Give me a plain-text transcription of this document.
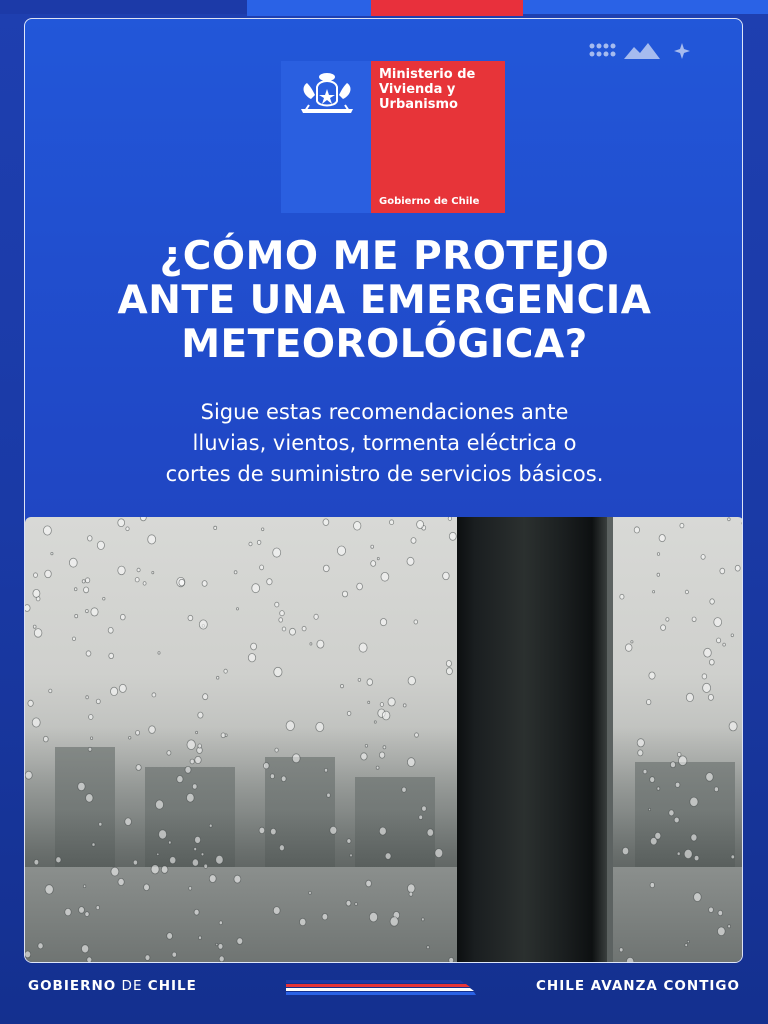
Ministerio de
Vivienda y
Urbanismo
Gobierno de Chile
¿CÓMO ME PROTEJO
ANTE UNA EMERGENCIA
METEOROLÓGICA?
Sigue estas recomendaciones ante
lluvias, vientos, tormenta eléctrica o
cortes de suministro de servicios básicos.
GOBIERNO DE CHILE	CHILE AVANZA CONTIGO
